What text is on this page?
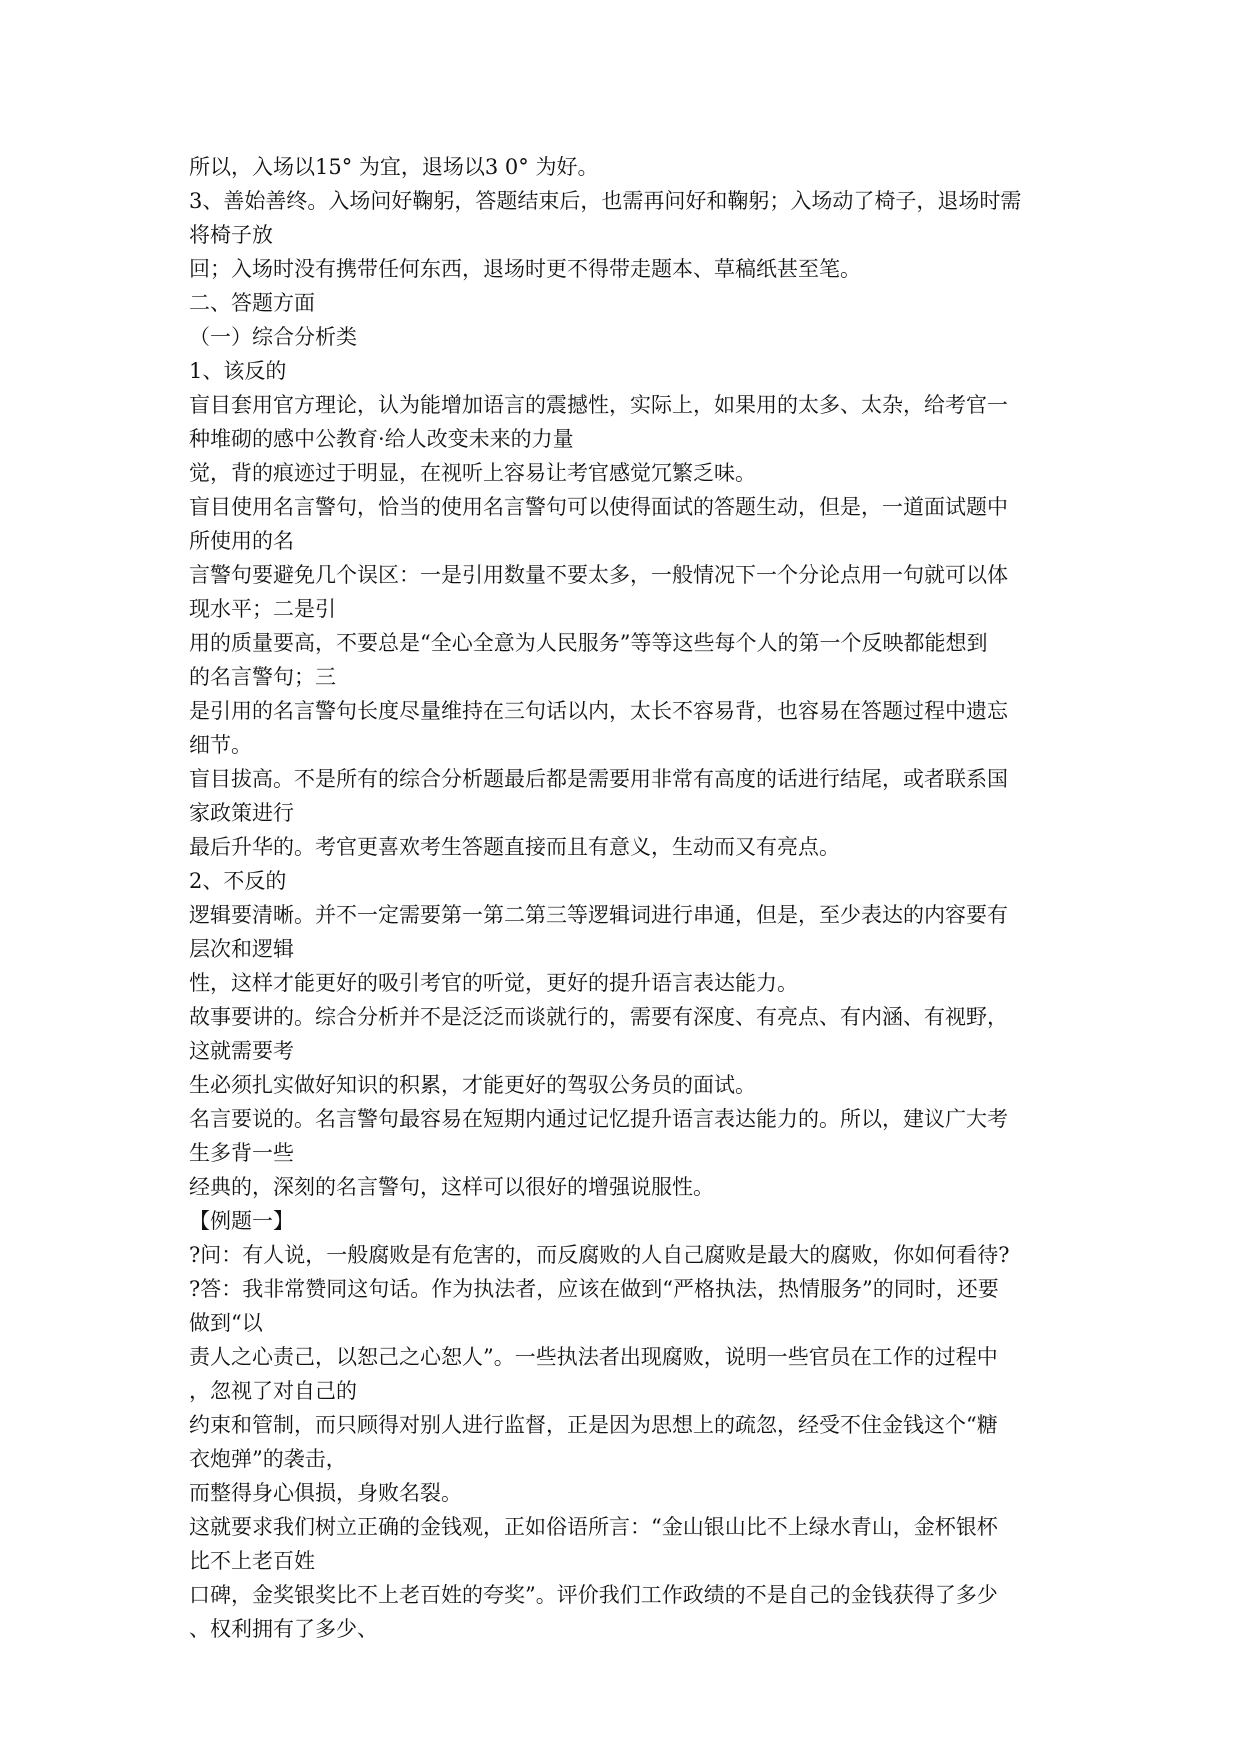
所以，入场以15° 为宜，退场以3 0° 为好。
3、善始善终。入场问好鞠躬，答题结束后，也需再问好和鞠躬；入场动了椅子，退场时需
将椅子放
回；入场时没有携带任何东西，退场时更不得带走题本、草稿纸甚至笔。
二、答题方面
（一）综合分析类
1、该反的
盲目套用官方理论，认为能增加语言的震撼性，实际上，如果用的太多、太杂，给考官一
种堆砌的感中公教育·给人改变未来的力量
觉，背的痕迹过于明显，在视听上容易让考官感觉冗繁乏味。
盲目使用名言警句，恰当的使用名言警句可以使得面试的答题生动，但是，一道面试题中
所使用的名
言警句要避免几个误区：一是引用数量不要太多，一般情况下一个分论点用一句就可以体
现水平；二是引
用的质量要高，不要总是“全心全意为人民服务”等等这些每个人的第一个反映都能想到
的名言警句；三
是引用的名言警句长度尽量维持在三句话以内，太长不容易背，也容易在答题过程中遗忘
细节。
盲目拔高。不是所有的综合分析题最后都是需要用非常有高度的话进行结尾，或者联系国
家政策进行
最后升华的。考官更喜欢考生答题直接而且有意义，生动而又有亮点。
2、不反的
逻辑要清晰。并不一定需要第一第二第三等逻辑词进行串通，但是，至少表达的内容要有
层次和逻辑
性，这样才能更好的吸引考官的听觉，更好的提升语言表达能力。
故事要讲的。综合分析并不是泛泛而谈就行的，需要有深度、有亮点、有内涵、有视野，
这就需要考
生必须扎实做好知识的积累，才能更好的驾驭公务员的面试。
名言要说的。名言警句最容易在短期内通过记忆提升语言表达能力的。所以，建议广大考
生多背一些
经典的，深刻的名言警句，这样可以很好的增强说服性。
【例题一】
?问：有人说，一般腐败是有危害的，而反腐败的人自己腐败是最大的腐败，你如何看待?
?答：我非常赞同这句话。作为执法者，应该在做到“严格执法，热情服务”的同时，还要
做到“以
责人之心责己，以恕己之心恕人”。一些执法者出现腐败，说明一些官员在工作的过程中
，忽视了对自己的
约束和管制，而只顾得对别人进行监督，正是因为思想上的疏忽，经受不住金钱这个“糖
衣炮弹”的袭击，
而整得身心俱损，身败名裂。
这就要求我们树立正确的金钱观，正如俗语所言：“金山银山比不上绿水青山，金杯银杯
比不上老百姓
口碑，金奖银奖比不上老百姓的夸奖”。评价我们工作政绩的不是自己的金钱获得了多少
、权利拥有了多少、
